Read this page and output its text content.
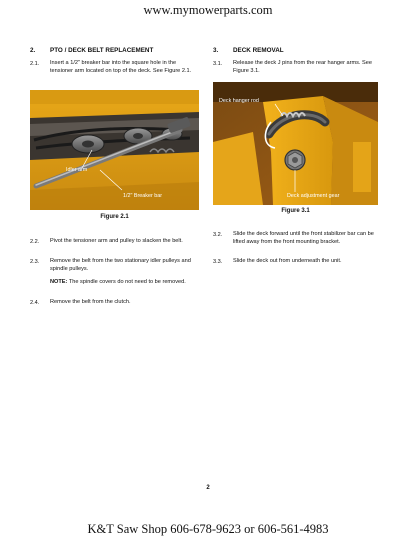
www.mymowerparts.com
2. PTO / DECK BELT REPLACEMENT
2.1. Insert a 1/2" breaker bar into the square hole in the tensioner arm located on top of the deck. See Figure 2.1.
Idler arm
1/2" Breaker bar
Figure 2.1
2.2. Pivot the tensioner arm and pulley to slacken the belt.
2.3. Remove the belt from the two stationary idler pulleys and spindle pulleys.
NOTE: The spindle covers do not need to be removed.
2.4. Remove the belt from the clutch.
3. DECK REMOVAL
3.1. Release the deck J pins from the rear hanger arms. See Figure 3.1.
Deck hanger rod
Deck adjustment gear
Figure 3.1
3.2. Slide the deck forward until the front stabilizer bar can be lifted away from the front mounting bracket.
3.3. Slide the deck out from underneath the unit.
2
K&T Saw Shop 606-678-9623 or 606-561-4983
